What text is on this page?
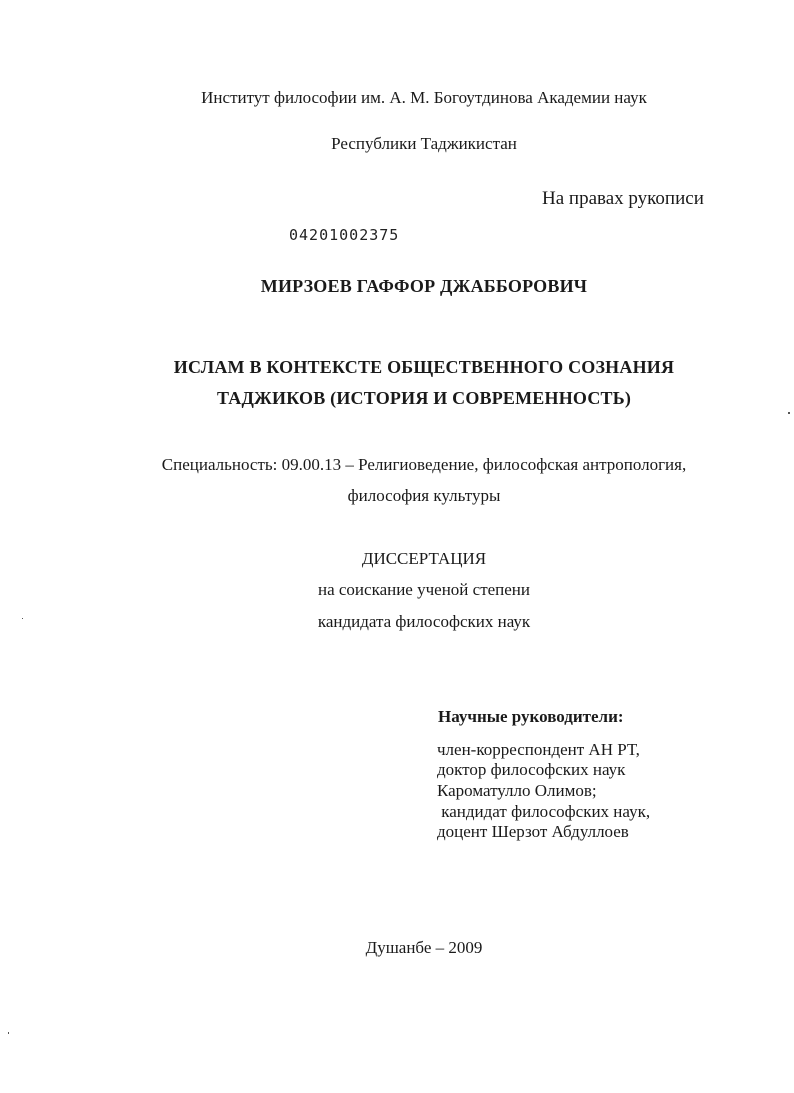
Институт философии им. А. М. Богоутдинова Академии наук
Республики Таджикистан
На правах рукописи
04201002375
МИРЗОЕВ ГАФФОР ДЖАББОРОВИЧ
ИСЛАМ В КОНТЕКСТЕ ОБЩЕСТВЕННОГО СОЗНАНИЯ
ТАДЖИКОВ (ИСТОРИЯ И СОВРЕМЕННОСТЬ)
Специальность: 09.00.13 – Религиоведение, философская антропология,
философия культуры
ДИССЕРТАЦИЯ
на соискание ученой степени
кандидата философских наук
Научные руководители:
член-корреспондент АН РТ,
доктор философских наук
Кароматулло Олимов;
кандидат философских наук,
доцент Шерзот Абдуллоев
Душанбе – 2009
